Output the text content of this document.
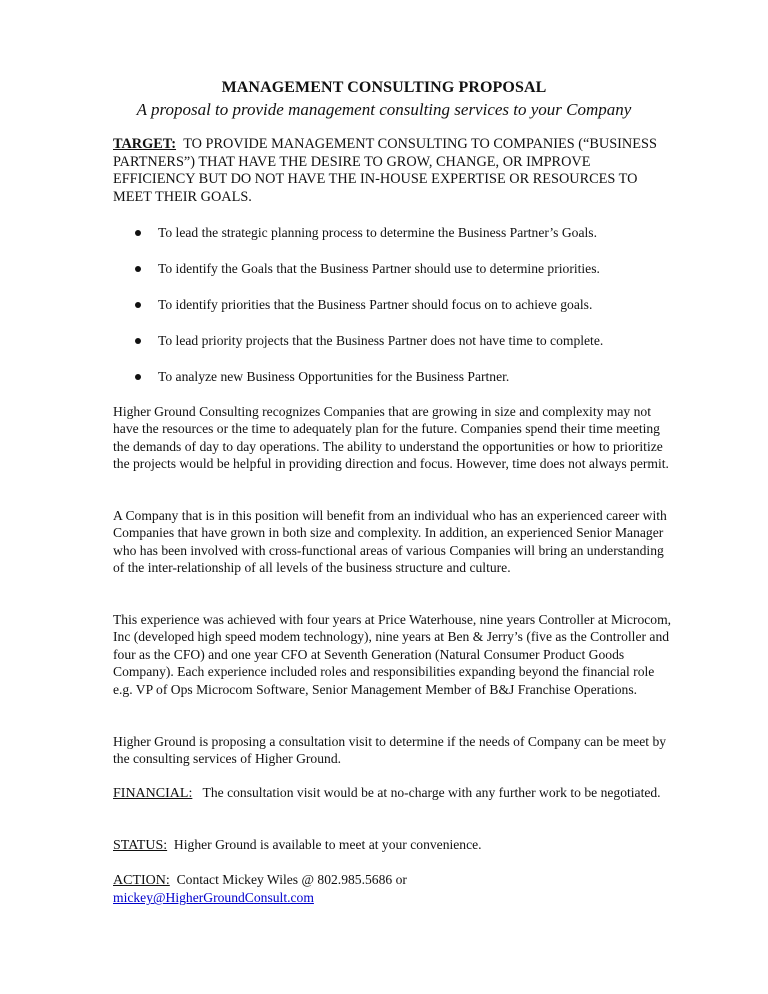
MANAGEMENT CONSULTING PROPOSAL
A proposal to provide management consulting services to your Company
TARGET: TO PROVIDE MANAGEMENT CONSULTING TO COMPANIES (“BUSINESS PARTNERS”) THAT HAVE THE DESIRE TO GROW, CHANGE, OR IMPROVE EFFICIENCY BUT DO NOT HAVE THE IN-HOUSE EXPERTISE OR RESOURCES TO MEET THEIR GOALS.
To lead the strategic planning process to determine the Business Partner’s Goals.
To identify the Goals that the Business Partner should use to determine priorities.
To identify priorities that the Business Partner should focus on to achieve goals.
To lead priority projects that the Business Partner does not have time to complete.
To analyze new Business Opportunities for the Business Partner.

Higher Ground Consulting recognizes Companies that are growing in size and complexity may not have the resources or the time to adequately plan for the future. Companies spend their time meeting the demands of day to day operations. The ability to understand the opportunities or how to prioritize the projects would be helpful in providing direction and focus. However, time does not always permit.

A Company that is in this position will benefit from an individual who has an experienced career with Companies that have grown in both size and complexity. In addition, an experienced Senior Manager who has been involved with cross-functional areas of various Companies will bring an understanding of the inter-relationship of all levels of the business structure and culture.

This experience was achieved with four years at Price Waterhouse, nine years Controller at Microcom, Inc (developed high speed modem technology), nine years at Ben & Jerry’s (five as the Controller and four as the CFO) and one year CFO at Seventh Generation (Natural Consumer Product Goods Company). Each experience included roles and responsibilities expanding beyond the financial role e.g. VP of Ops Microcom Software, Senior Management Member of B&J Franchise Operations.

Higher Ground is proposing a consultation visit to determine if the needs of Company can be meet by the consulting services of Higher Ground.

FINANCIAL: The consultation visit would be at no-charge with any further work to be negotiated.

STATUS: Higher Ground is available to meet at your convenience.

ACTION: Contact Mickey Wiles @ 802.985.5686 or
mickey@HigherGroundConsult.com
